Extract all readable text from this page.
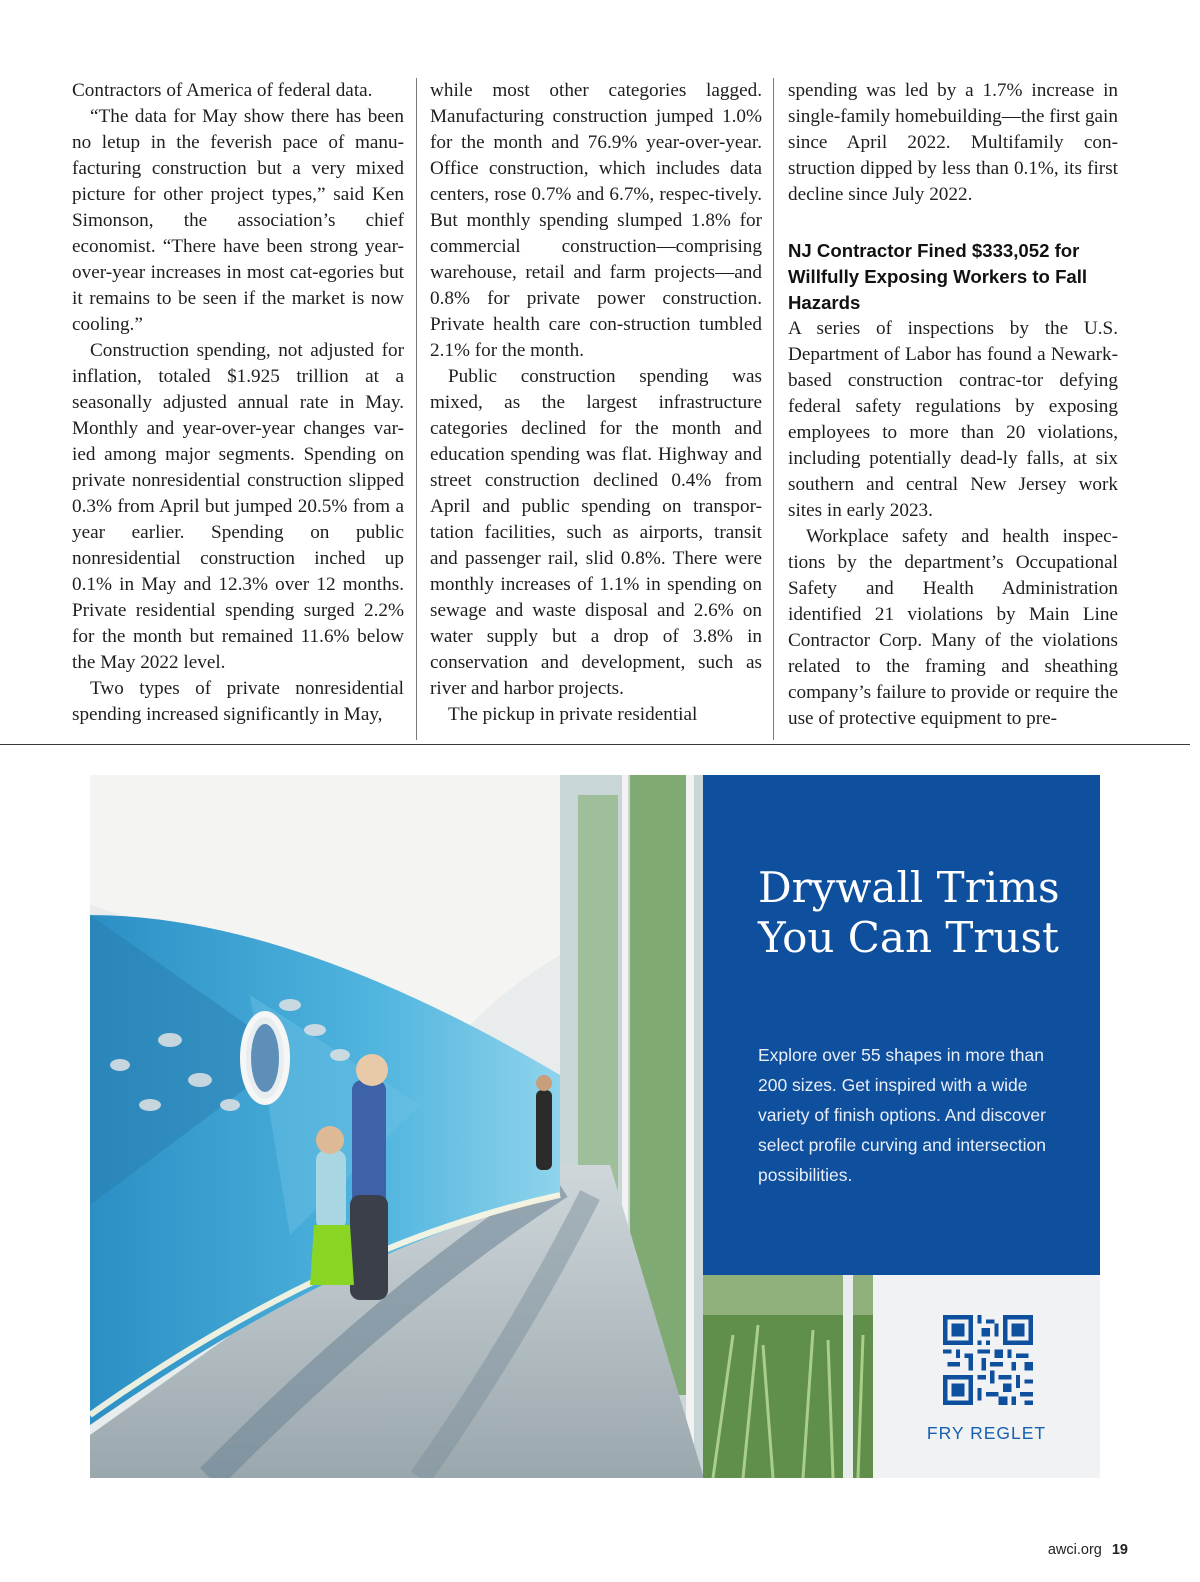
Contractors of America of federal data.

“The data for May show there has been no letup in the feverish pace of manu-facturing construction but a very mixed picture for other project types,” said Ken Simonson, the association’s chief economist. “There have been strong year-over-year increases in most cat-egories but it remains to be seen if the market is now cooling.”

Construction spending, not adjusted for inflation, totaled $1.925 trillion at a seasonally adjusted annual rate in May. Monthly and year-over-year changes var-ied among major segments. Spending on private nonresidential construction slipped 0.3% from April but jumped 20.5% from a year earlier. Spending on public nonresidential construction inched up 0.1% in May and 12.3% over 12 months. Private residential spending surged 2.2% for the month but remained 11.6% below the May 2022 level.

Two types of private nonresidential spending increased significantly in May,

while most other categories lagged. Manufacturing construction jumped 1.0% for the month and 76.9% year-over-year. Office construction, which includes data centers, rose 0.7% and 6.7%, respec-tively. But monthly spending slumped 1.8% for commercial construction—comprising warehouse, retail and farm projects—and 0.8% for private power construction. Private health care con-struction tumbled 2.1% for the month.

Public construction spending was mixed, as the largest infrastructure categories declined for the month and education spending was flat. Highway and street construction declined 0.4% from April and public spending on transpor-tation facilities, such as airports, transit and passenger rail, slid 0.8%. There were monthly increases of 1.1% in spending on sewage and waste disposal and 2.6% on water supply but a drop of 3.8% in conservation and development, such as river and harbor projects.

The pickup in private residential

spending was led by a 1.7% increase in single-family homebuilding—the first gain since April 2022. Multifamily con-struction dipped by less than 0.1%, its first decline since July 2022.

NJ Contractor Fined $333,052 for Willfully Exposing Workers to Fall Hazards

A series of inspections by the U.S. Department of Labor has found a Newark-based construction contrac-tor defying federal safety regulations by exposing employees to more than 20 violations, including potentially dead-ly falls, at six southern and central New Jersey work sites in early 2023.

Workplace safety and health inspec-tions by the department’s Occupational Safety and Health Administration identified 21 violations by Main Line Contractor Corp. Many of the violations related to the framing and sheathing company’s failure to provide or require the use of protective equipment to pre-

Drywall Trims
You Can Trust
Explore over 55 shapes in more than 200 sizes. Get inspired with a wide variety of finish options. And discover select profile curving and intersection possibilities.
FRY REGLET
awci.org 19
